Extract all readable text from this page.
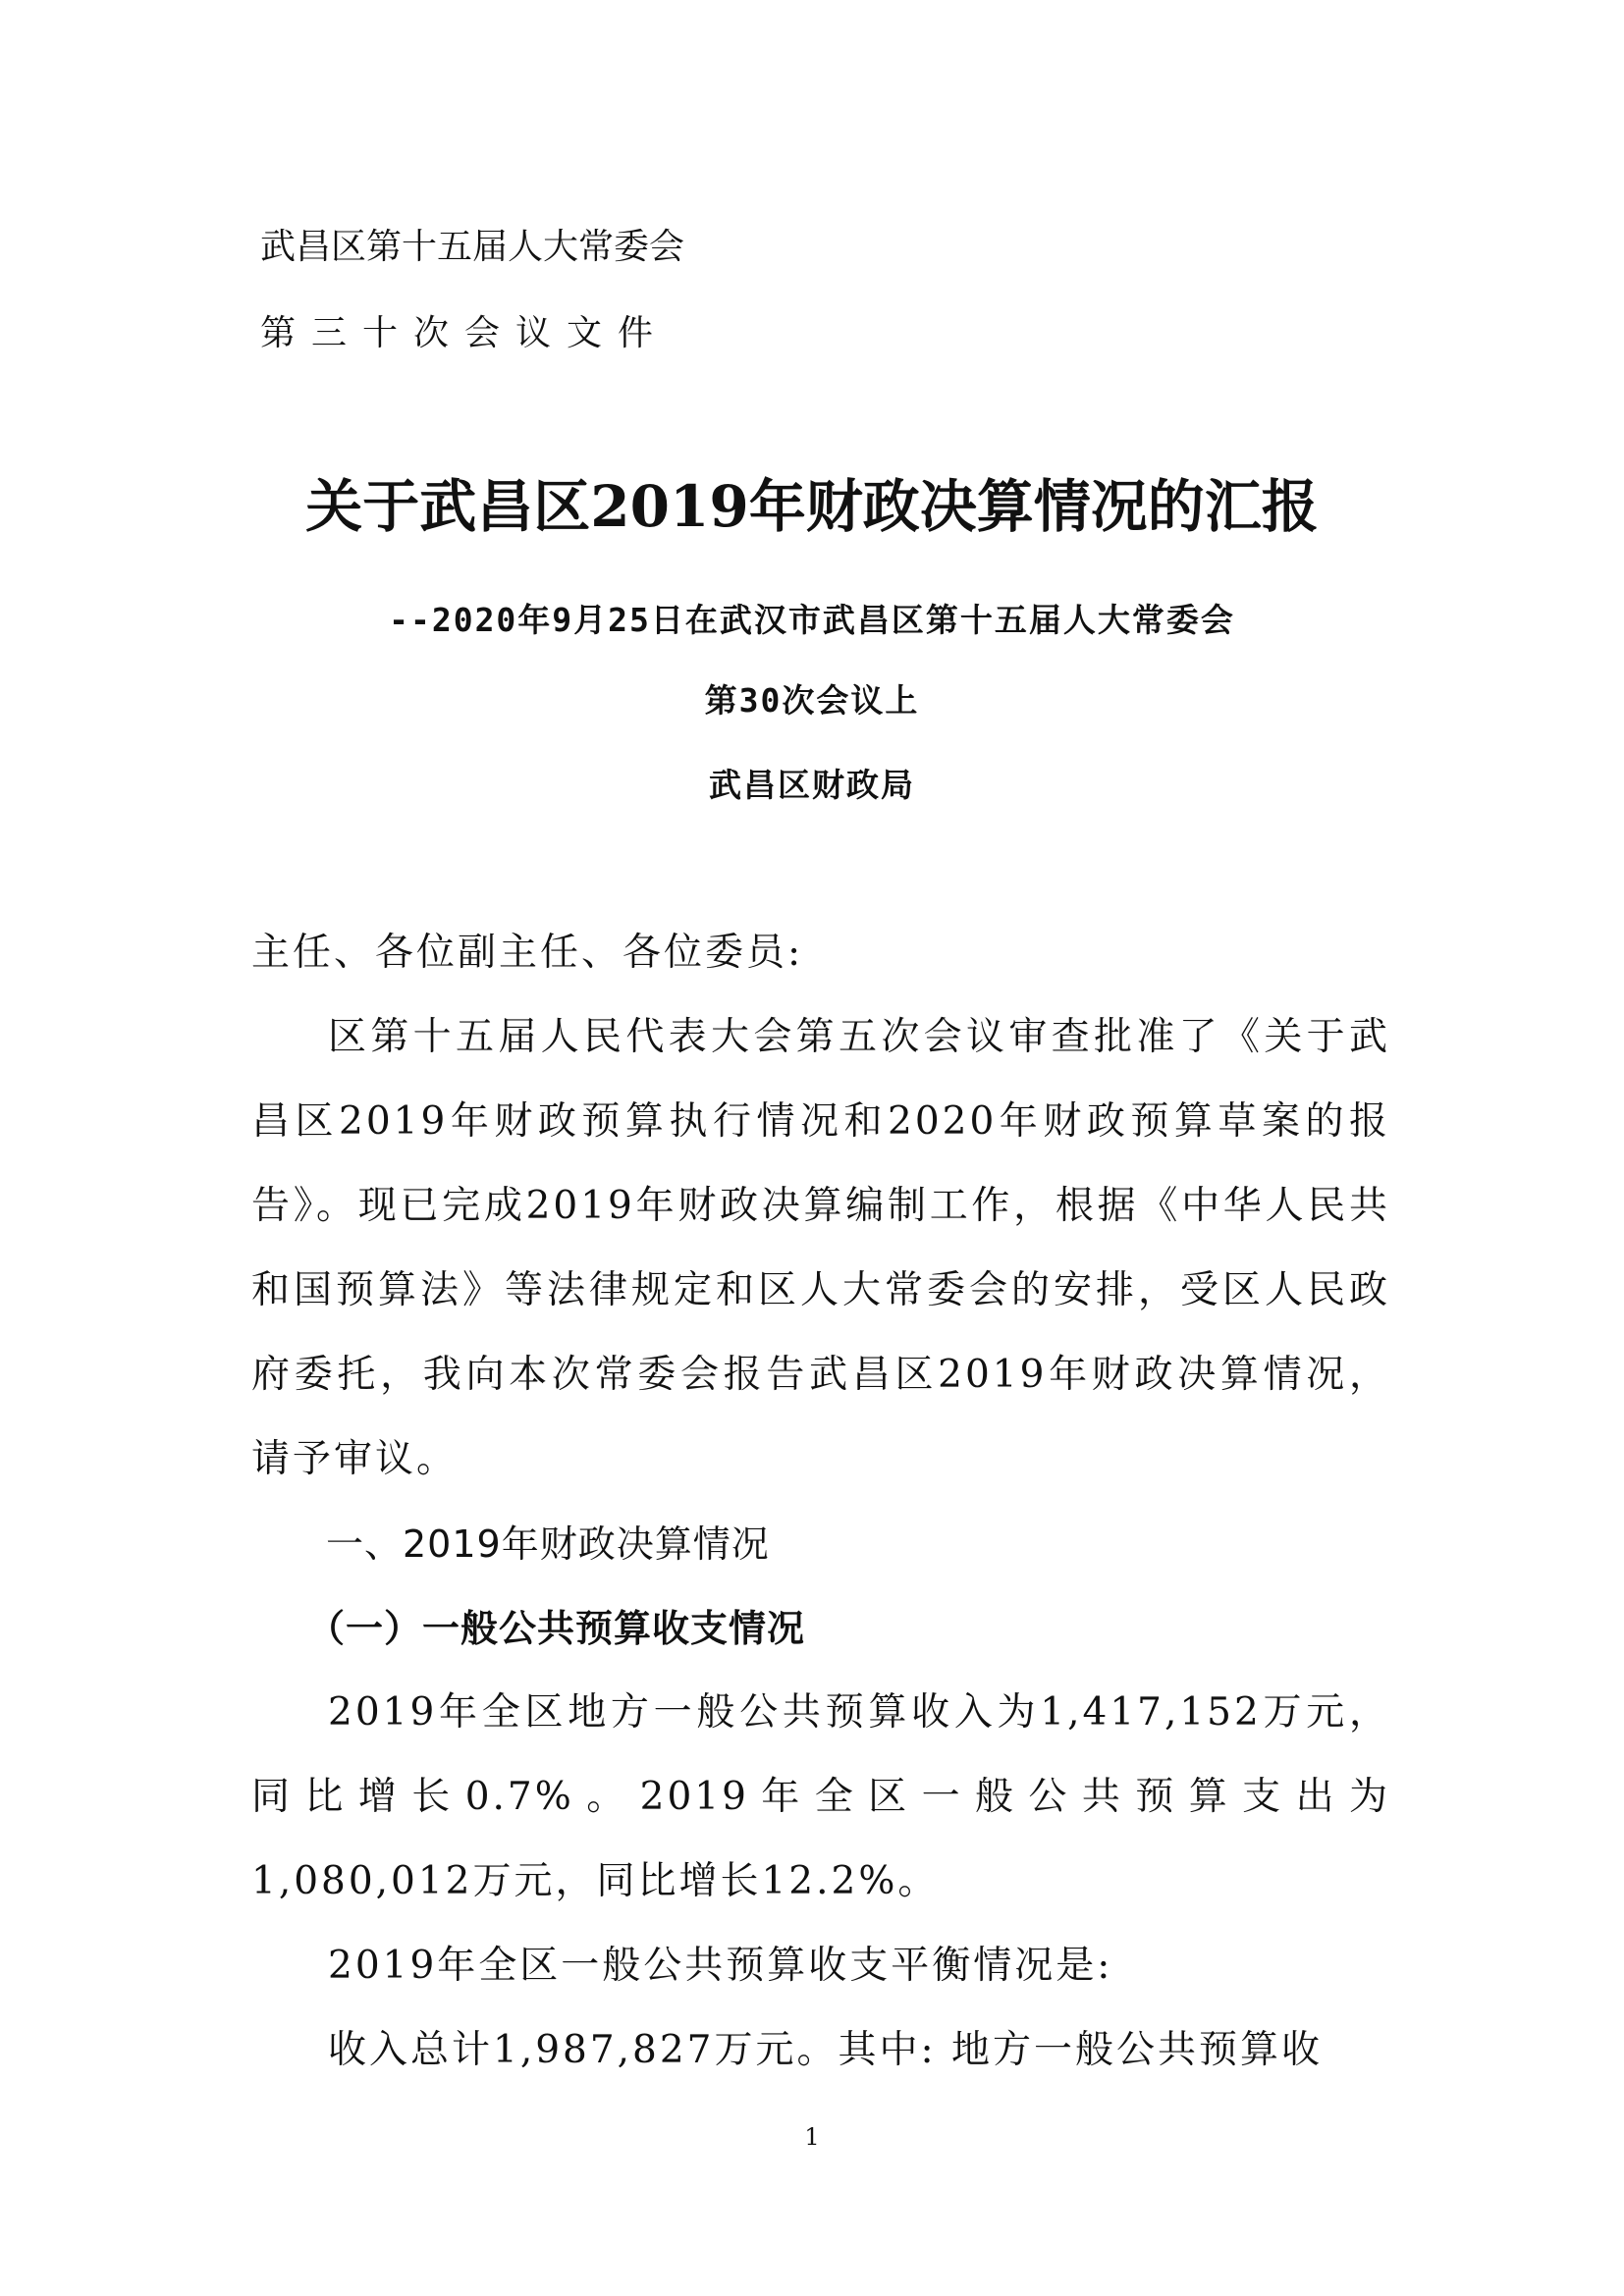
武昌区第十五届人大常委会
第三十次会议文件
关于武昌区2019年财政决算情况的汇报
--2020年9月25日在武汉市武昌区第十五届人大常委会
第30次会议上
武昌区财政局

主任、各位副主任、各位委员:

区第十五届人民代表大会第五次会议审查批准了《关于武昌区2019年财政预算执行情况和2020年财政预算草案的报告》。现已完成2019年财政决算编制工作，根据《中华人民共和国预算法》等法律规定和区人大常委会的安排，受区人民政府委托，我向本次常委会报告武昌区2019年财政决算情况，请予审议。

一、2019年财政决算情况

（一）一般公共预算收支情况

2019年全区地方一般公共预算收入为1,417,152万元，同比增长0.7%。2019年全区一般公共预算支出为1,080,012万元，同比增长12.2%。

2019年全区一般公共预算收支平衡情况是:

收入总计1,987,827万元。其中: 地方一般公共预算收

1
